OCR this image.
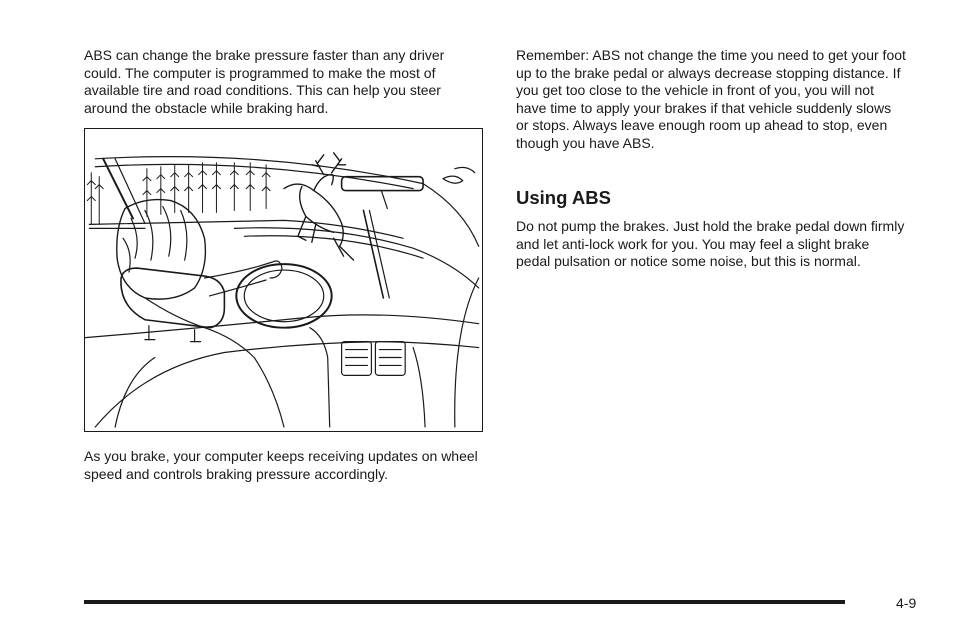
ABS can change the brake pressure faster than any driver could. The computer is programmed to make the most of available tire and road conditions. This can help you steer around the obstacle while braking hard.

As you brake, your computer keeps receiving updates on wheel speed and controls braking pressure accordingly.

Remember: ABS not change the time you need to get your foot up to the brake pedal or always decrease stopping distance. If you get too close to the vehicle in front of you, you will not have time to apply your brakes if that vehicle suddenly slows or stops. Always leave enough room up ahead to stop, even though you have ABS.

Using ABS

Do not pump the brakes. Just hold the brake pedal down firmly and let anti-lock work for you. You may feel a slight brake pedal pulsation or notice some noise, but this is normal.

4-9
